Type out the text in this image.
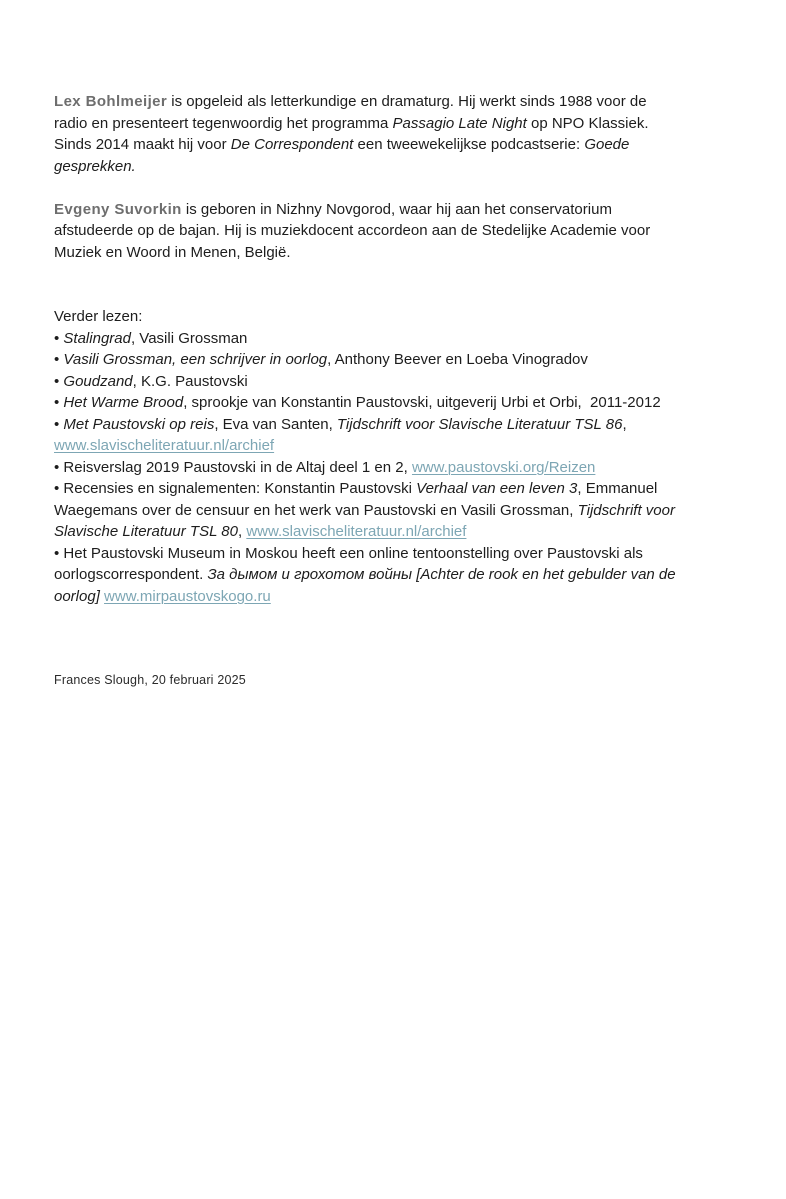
Lex Bohlmeijer is opgeleid als letterkundige en dramaturg. Hij werkt sinds 1988 voor de
radio en presenteert tegenwoordig het programma Passagio Late Night op NPO Klassiek.
Sinds 2014 maakt hij voor De Correspondent een tweewekelijkse podcastserie: Goede
gesprekken.

Evgeny Suvorkin is geboren in Nizhny Novgorod, waar hij aan het conservatorium
afstudeerde op de bajan. Hij is muziekdocent accordeon aan de Stedelijke Academie voor
Muziek en Woord in Menen, België.

Verder lezen:

• Stalingrad, Vasili Grossman

• Vasili Grossman, een schrijver in oorlog, Anthony Beever en Loeba Vinogradov

• Goudzand, K.G. Paustovski

• Het Warme Brood, sprookje van Konstantin Paustovski, uitgeverij Urbi et Orbi,  2011-2012

• Met Paustovski op reis, Eva van Santen, Tijdschrift voor Slavische Literatuur TSL 86,
www.slavischeliteratuur.nl/archief

• Reisverslag 2019 Paustovski in de Altaj deel 1 en 2, www.paustovski.org/Reizen

• Recensies en signalementen: Konstantin Paustovski Verhaal van een leven 3, Emmanuel
Waegemans over de censuur en het werk van Paustovski en Vasili Grossman, Tijdschrift voor
Slavische Literatuur TSL 80, www.slavischeliteratuur.nl/archief

• Het Paustovski Museum in Moskou heeft een online tentoonstelling over Paustovski als
oorlogscorrespondent. За дымом и грохотом войны [Achter de rook en het gebulder van de
oorlog] www.mirpaustovskogo.ru

Frances Slough, 20 februari 2025
